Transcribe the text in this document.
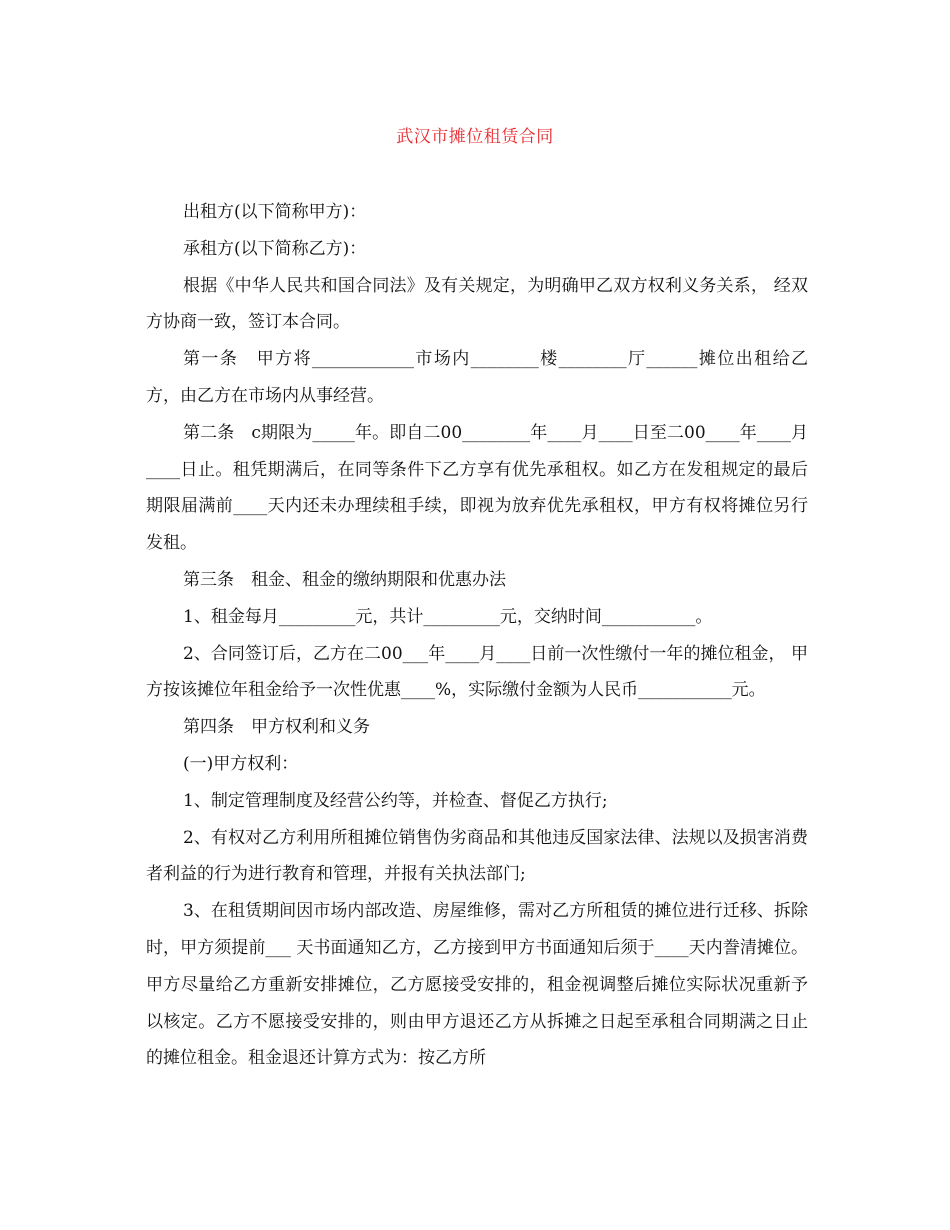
武汉市摊位租赁合同

出租方(以下简称甲方)：

承租方(以下简称乙方)：

根据《中华人民共和国合同法》及有关规定，为明确甲乙双方权利义务关系， 经双方协商一致，签订本合同。

第一条　甲方将____________市场内________楼________厅______摊位出租给乙方，由乙方在市场内从事经营。

第二条　c期限为_____年。即自二00________年____月____日至二00____年____月____日止。租凭期满后，在同等条件下乙方享有优先承租权。如乙方在发租规定的最后期限届满前____天内还未办理续租手续，即视为放弃优先承租权，甲方有权将摊位另行发租。

第三条　租金、租金的缴纳期限和优惠办法

1、租金每月_________元，共计_________元，交纳时间___________。

2、合同签订后，乙方在二00___年____月____日前一次性缴付一年的摊位租金， 甲方按该摊位年租金给予一次性优惠____%，实际缴付金额为人民币___________元。

第四条　甲方权利和义务

(一)甲方权利：

1、制定管理制度及经营公约等，并检查、督促乙方执行;

2、有权对乙方利用所租摊位销售伪劣商品和其他违反国家法律、法规以及损害消费者利益的行为进行教育和管理，并报有关执法部门;

3、在租赁期间因市场内部改造、房屋维修，需对乙方所租赁的摊位进行迁移、拆除时，甲方须提前___ 天书面通知乙方，乙方接到甲方书面通知后须于____天内誊清摊位。甲方尽量给乙方重新安排摊位，乙方愿接受安排的，租金视调整后摊位实际状况重新予以核定。乙方不愿接受安排的，则由甲方退还乙方从拆摊之日起至承租合同期满之日止的摊位租金。租金退还计算方式为：按乙方所
